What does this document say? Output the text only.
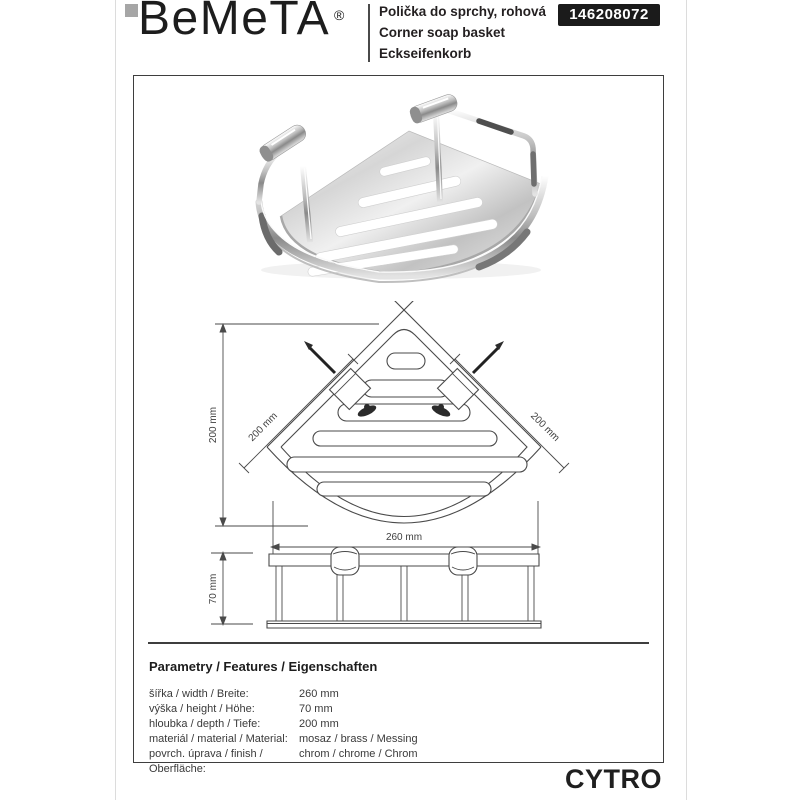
BeMeTA ®	Polička do sprchy, rohová
Corner soap basket
Eckseifenkorb
146208072
200 mm	200 mm	200 mm
260 mm
70 mm
Parametry / Features / Eigenschaften
šířka / width / Breite:	260 mm
výška / height / Höhe:	70 mm
hloubka / depth / Tiefe:	200 mm
materiál / material / Material:	mosaz / brass / Messing
povrch. úprava / finish / Oberfläche:
chrom / chrome / Chrom
CYTRO
